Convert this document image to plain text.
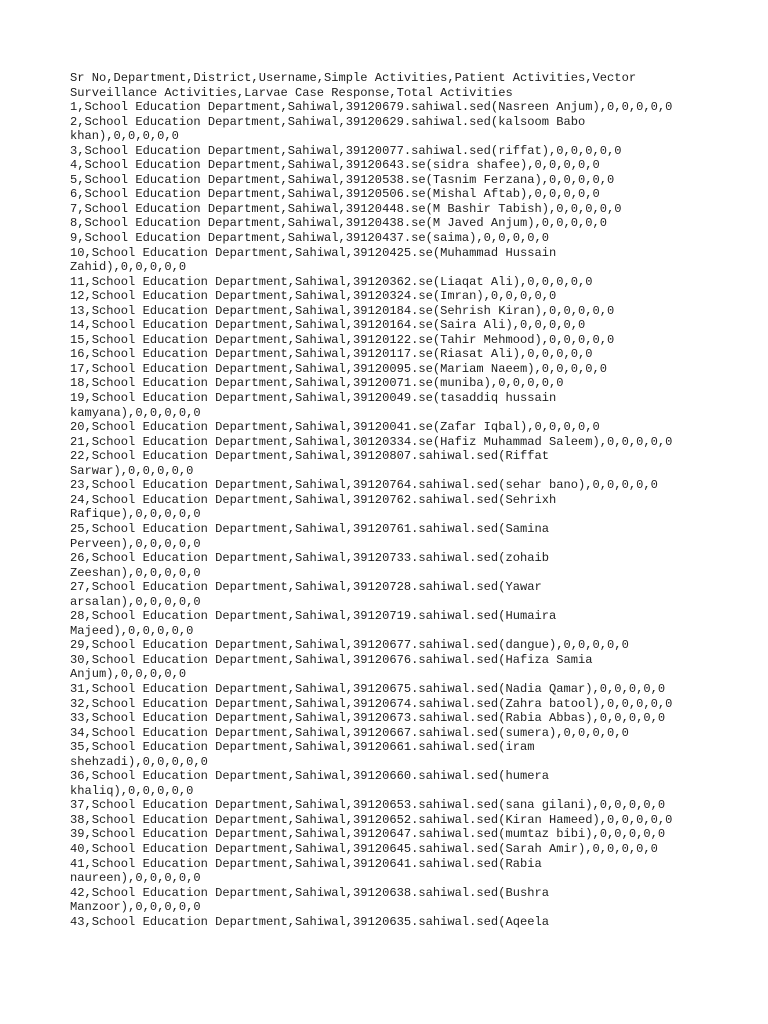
Sr No,Department,District,Username,Simple Activities,Patient Activities,Vector
Surveillance Activities,Larvae Case Response,Total Activities
1,School Education Department,Sahiwal,39120679.sahiwal.sed(Nasreen Anjum),0,0,0,0,0
2,School Education Department,Sahiwal,39120629.sahiwal.sed(kalsoom Babo
khan),0,0,0,0,0
3,School Education Department,Sahiwal,39120077.sahiwal.sed(riffat),0,0,0,0,0
4,School Education Department,Sahiwal,39120643.se(sidra shafee),0,0,0,0,0
5,School Education Department,Sahiwal,39120538.se(Tasnim Ferzana),0,0,0,0,0
6,School Education Department,Sahiwal,39120506.se(Mishal Aftab),0,0,0,0,0
7,School Education Department,Sahiwal,39120448.se(M Bashir Tabish),0,0,0,0,0
8,School Education Department,Sahiwal,39120438.se(M Javed Anjum),0,0,0,0,0
9,School Education Department,Sahiwal,39120437.se(saima),0,0,0,0,0
10,School Education Department,Sahiwal,39120425.se(Muhammad Hussain
Zahid),0,0,0,0,0
11,School Education Department,Sahiwal,39120362.se(Liaqat Ali),0,0,0,0,0
12,School Education Department,Sahiwal,39120324.se(Imran),0,0,0,0,0
13,School Education Department,Sahiwal,39120184.se(Sehrish Kiran),0,0,0,0,0
14,School Education Department,Sahiwal,39120164.se(Saira Ali),0,0,0,0,0
15,School Education Department,Sahiwal,39120122.se(Tahir Mehmood),0,0,0,0,0
16,School Education Department,Sahiwal,39120117.se(Riasat Ali),0,0,0,0,0
17,School Education Department,Sahiwal,39120095.se(Mariam Naeem),0,0,0,0,0
18,School Education Department,Sahiwal,39120071.se(muniba),0,0,0,0,0
19,School Education Department,Sahiwal,39120049.se(tasaddiq hussain
kamyana),0,0,0,0,0
20,School Education Department,Sahiwal,39120041.se(Zafar Iqbal),0,0,0,0,0
21,School Education Department,Sahiwal,30120334.se(Hafiz Muhammad Saleem),0,0,0,0,0
22,School Education Department,Sahiwal,39120807.sahiwal.sed(Riffat
Sarwar),0,0,0,0,0
23,School Education Department,Sahiwal,39120764.sahiwal.sed(sehar bano),0,0,0,0,0
24,School Education Department,Sahiwal,39120762.sahiwal.sed(Sehrixh
Rafique),0,0,0,0,0
25,School Education Department,Sahiwal,39120761.sahiwal.sed(Samina
Perveen),0,0,0,0,0
26,School Education Department,Sahiwal,39120733.sahiwal.sed(zohaib
Zeeshan),0,0,0,0,0
27,School Education Department,Sahiwal,39120728.sahiwal.sed(Yawar
arsalan),0,0,0,0,0
28,School Education Department,Sahiwal,39120719.sahiwal.sed(Humaira
Majeed),0,0,0,0,0
29,School Education Department,Sahiwal,39120677.sahiwal.sed(dangue),0,0,0,0,0
30,School Education Department,Sahiwal,39120676.sahiwal.sed(Hafiza Samia
Anjum),0,0,0,0,0
31,School Education Department,Sahiwal,39120675.sahiwal.sed(Nadia Qamar),0,0,0,0,0
32,School Education Department,Sahiwal,39120674.sahiwal.sed(Zahra batool),0,0,0,0,0
33,School Education Department,Sahiwal,39120673.sahiwal.sed(Rabia Abbas),0,0,0,0,0
34,School Education Department,Sahiwal,39120667.sahiwal.sed(sumera),0,0,0,0,0
35,School Education Department,Sahiwal,39120661.sahiwal.sed(iram
shehzadi),0,0,0,0,0
36,School Education Department,Sahiwal,39120660.sahiwal.sed(humera
khaliq),0,0,0,0,0
37,School Education Department,Sahiwal,39120653.sahiwal.sed(sana gilani),0,0,0,0,0
38,School Education Department,Sahiwal,39120652.sahiwal.sed(Kiran Hameed),0,0,0,0,0
39,School Education Department,Sahiwal,39120647.sahiwal.sed(mumtaz bibi),0,0,0,0,0
40,School Education Department,Sahiwal,39120645.sahiwal.sed(Sarah Amir),0,0,0,0,0
41,School Education Department,Sahiwal,39120641.sahiwal.sed(Rabia
naureen),0,0,0,0,0
42,School Education Department,Sahiwal,39120638.sahiwal.sed(Bushra
Manzoor),0,0,0,0,0
43,School Education Department,Sahiwal,39120635.sahiwal.sed(Aqeela
